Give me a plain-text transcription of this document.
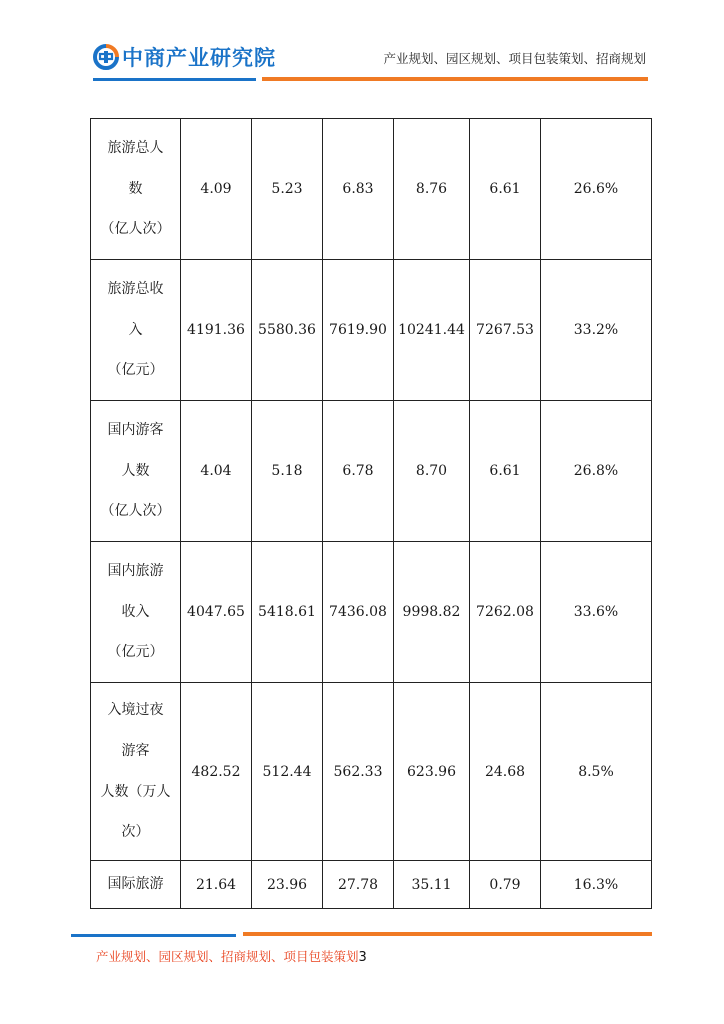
中商产业研究院	产业规划、园区规划、项目包装策划、招商规划
旅游总人
数
（亿人次）	4.09	5.23	6.83	8.76	6.61	26.6%

旅游总收
入
（亿元）	4191.36	5580.36	7619.90	10241.44	7267.53	33.2%

国内游客
人数
（亿人次）	4.04	5.18	6.78	8.70	6.61	26.8%

国内旅游
收入
（亿元）	4047.65	5418.61	7436.08	9998.82	7262.08	33.6%

入境过夜
游客
人数（万人
次）	482.52	512.44	562.33	623.96	24.68	8.5%

国际旅游	21.64	23.96	27.78	35.11	0.79	16.3%
产业规划、园区规划、招商规划、项目包装策划3
